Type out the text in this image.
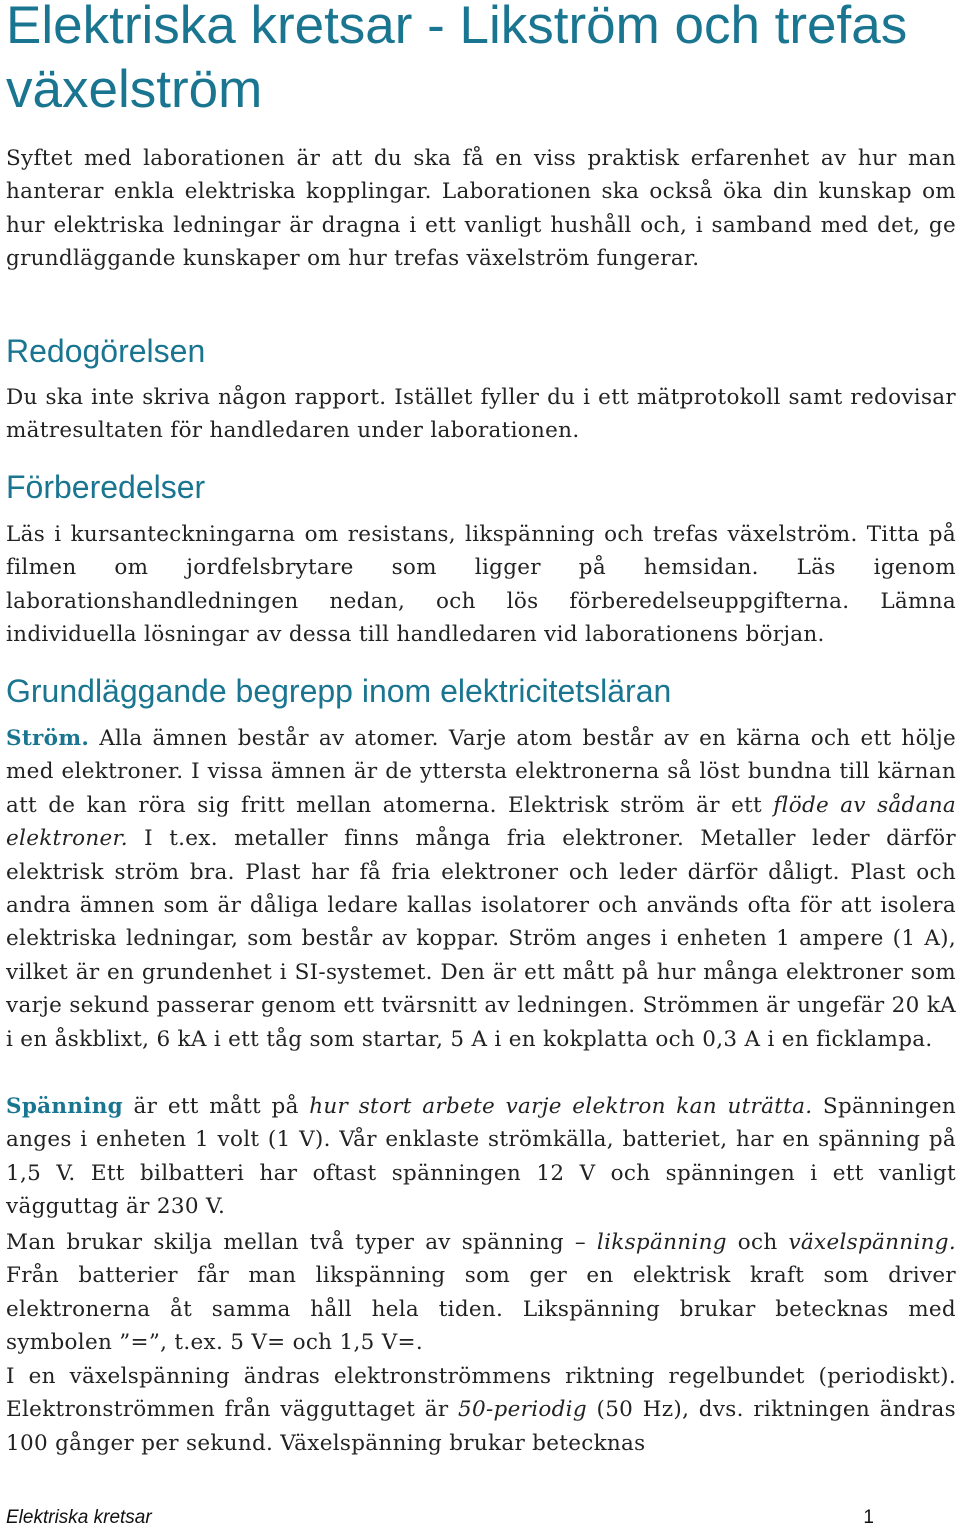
Elektriska kretsar - Likström och trefas växelström
Syftet med laborationen är att du ska få en viss praktisk erfarenhet av hur man hanterar enkla elektriska kopplingar. Laborationen ska också öka din kunskap om hur elektriska ledningar är dragna i ett vanligt hushåll och, i samband med det, ge grundläggande kunskaper om hur trefas växelström fungerar.
Redogörelsen
Du ska inte skriva någon rapport. Istället fyller du i ett mätprotokoll samt redovisar mätresultaten för handledaren under laborationen.
Förberedelser
Läs i kursanteckningarna om resistans, likspänning och trefas växelström. Titta på filmen om jordfelsbrytare som ligger på hemsidan. Läs igenom laborationshandledningen nedan, och lös förberedelseuppgifterna. Lämna individuella lösningar av dessa till handledaren vid laborationens början.
Grundläggande begrepp inom elektricitetsläran
Ström. Alla ämnen består av atomer. Varje atom består av en kärna och ett hölje med elektroner. I vissa ämnen är de yttersta elektronerna så löst bundna till kärnan att de kan röra sig fritt mellan atomerna. Elektrisk ström är ett flöde av sådana elektroner. I t.ex. metaller finns många fria elektroner. Metaller leder därför elektrisk ström bra. Plast har få fria elektroner och leder därför dåligt. Plast och andra ämnen som är dåliga ledare kallas isolatorer och används ofta för att isolera elektriska ledningar, som består av koppar. Ström anges i enheten 1 ampere (1 A), vilket är en grundenhet i SI-systemet. Den är ett mått på hur många elektroner som varje sekund passerar genom ett tvärsnitt av ledningen. Strömmen är ungefär 20 kA i en åskblixt, 6 kA i ett tåg som startar, 5 A i en kokplatta och 0,3 A i en ficklampa.
Spänning är ett mått på hur stort arbete varje elektron kan uträtta. Spänningen anges i enheten 1 volt (1 V). Vår enklaste strömkälla, batteriet, har en spänning på 1,5 V. Ett bilbatteri har oftast spänningen 12 V och spänningen i ett vanligt vägguttag är 230 V.
Man brukar skilja mellan två typer av spänning – likspänning och växelspänning. Från batterier får man likspänning som ger en elektrisk kraft som driver elektronerna åt samma håll hela tiden. Likspänning brukar betecknas med symbolen ”=”, t.ex. 5 V= och 1,5 V=.
I en växelspänning ändras elektronströmmens riktning regelbundet (periodiskt). Elektronströmmen från vägguttaget är 50-periodig (50 Hz), dvs. riktningen ändras 100 gånger per sekund. Växelspänning brukar betecknas
Elektriska kretsar	1
